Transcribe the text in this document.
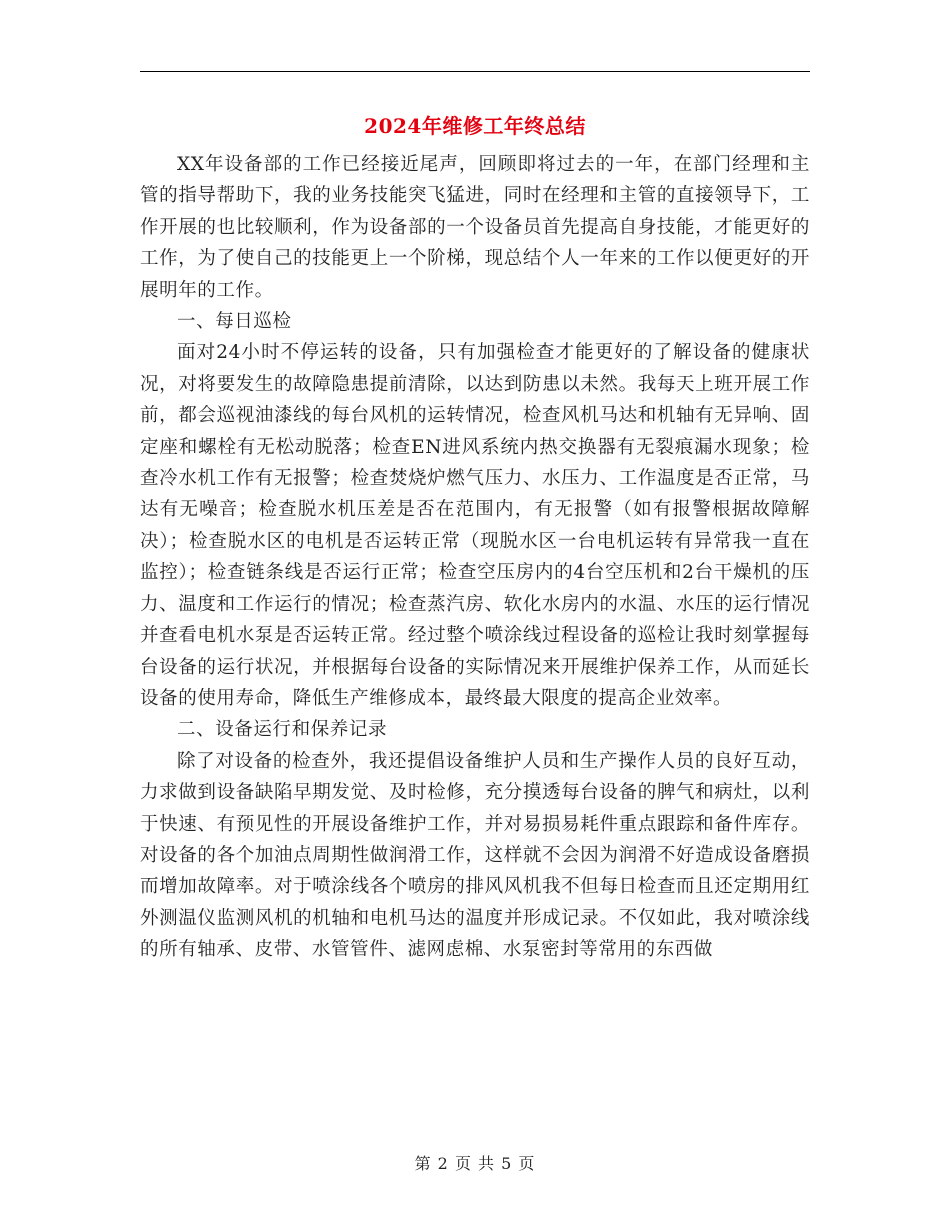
2024年维修工年终总结

XX年设备部的工作已经接近尾声，回顾即将过去的一年，在部门经理和主管的指导帮助下，我的业务技能突飞猛进，同时在经理和主管的直接领导下，工作开展的也比较顺利，作为设备部的一个设备员首先提高自身技能，才能更好的工作，为了使自己的技能更上一个阶梯，现总结个人一年来的工作以便更好的开展明年的工作。

一、每日巡检

面对24小时不停运转的设备，只有加强检查才能更好的了解设备的健康状况，对将要发生的故障隐患提前清除，以达到防患以未然。我每天上班开展工作前，都会巡视油漆线的每台风机的运转情况，检查风机马达和机轴有无异响、固定座和螺栓有无松动脱落；检查EN进风系统内热交换器有无裂痕漏水现象；检查冷水机工作有无报警；检查焚烧炉燃气压力、水压力、工作温度是否正常，马达有无噪音；检查脱水机压差是否在范围内，有无报警（如有报警根据故障解决）；检查脱水区的电机是否运转正常（现脱水区一台电机运转有异常我一直在监控）；检查链条线是否运行正常；检查空压房内的4台空压机和2台干燥机的压力、温度和工作运行的情况；检查蒸汽房、软化水房内的水温、水压的运行情况并查看电机水泵是否运转正常。经过整个喷涂线过程设备的巡检让我时刻掌握每台设备的运行状况，并根据每台设备的实际情况来开展维护保养工作，从而延长设备的使用寿命，降低生产维修成本，最终最大限度的提高企业效率。

二、设备运行和保养记录

除了对设备的检查外，我还提倡设备维护人员和生产操作人员的良好互动，力求做到设备缺陷早期发觉、及时检修，充分摸透每台设备的脾气和病灶，以利于快速、有预见性的开展设备维护工作，并对易损易耗件重点跟踪和备件库存。对设备的各个加油点周期性做润滑工作，这样就不会因为润滑不好造成设备磨损而增加故障率。对于喷涂线各个喷房的排风风机我不但每日检查而且还定期用红外测温仪监测风机的机轴和电机马达的温度并形成记录。不仅如此，我对喷涂线的所有轴承、皮带、水管管件、滤网虑棉、水泵密封等常用的东西做

第 2 页 共 5 页
